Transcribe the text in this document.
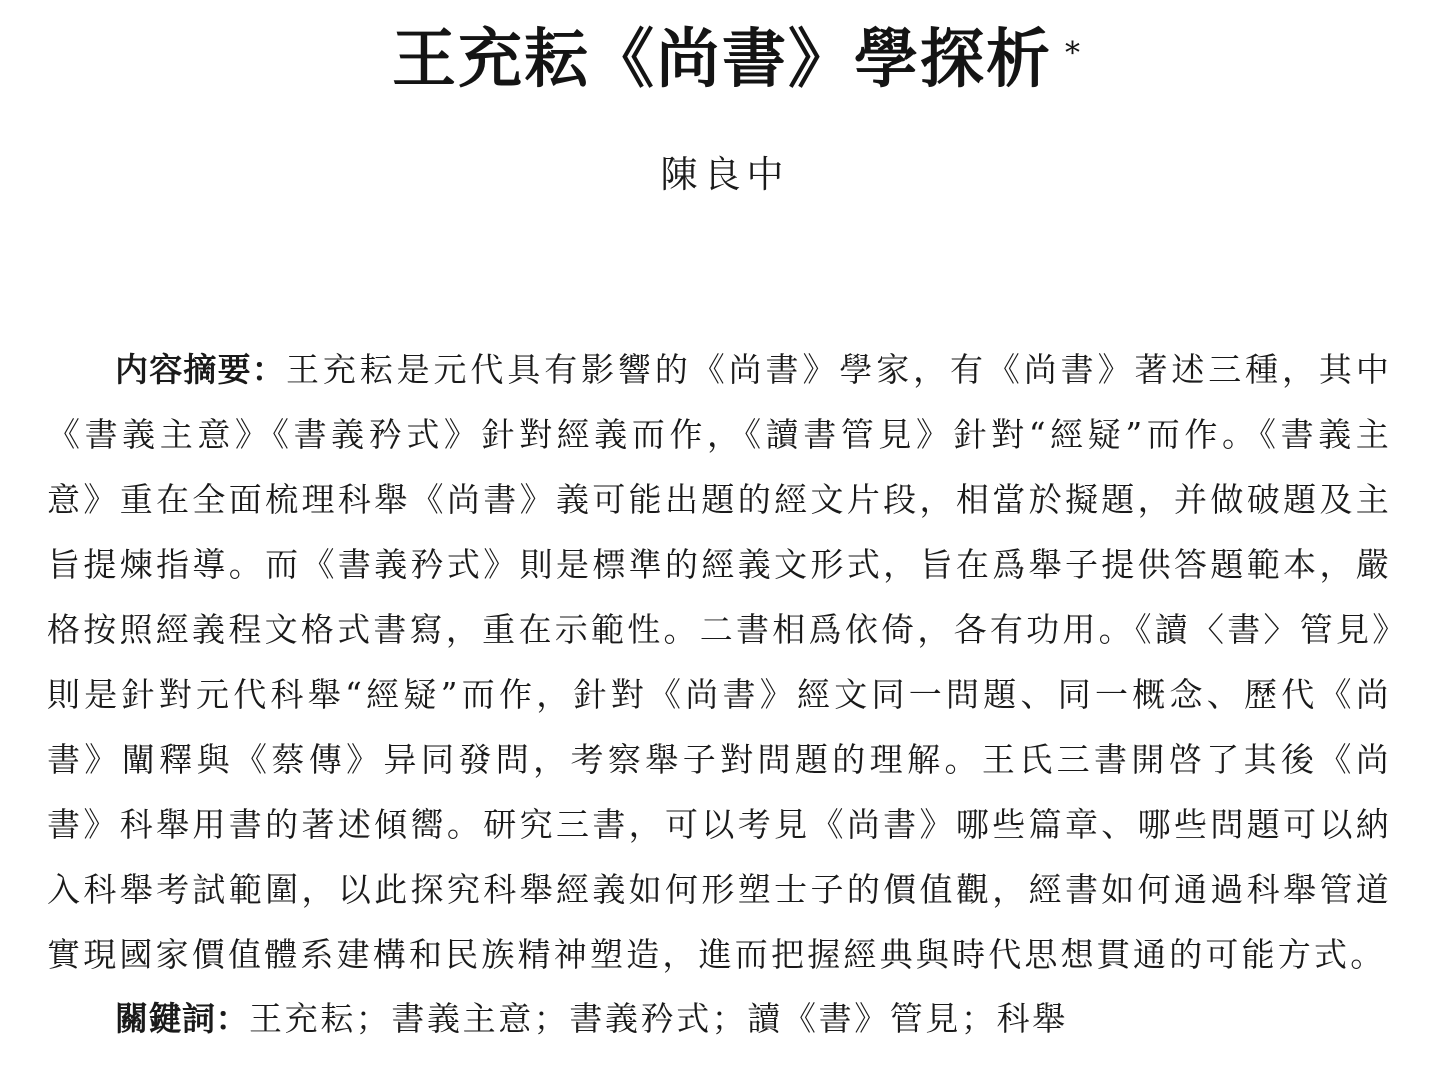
王充耘《尚書》學探析 *
陳良中

内容摘要：王充耘是元代具有影響的《尚書》學家，有《尚書》著述三種，其中《書義主意》《書義矜式》針對經義而作，《讀書管見》針對“經疑”而作。《書義主意》重在全面梳理科舉《尚書》義可能出題的經文片段，相當於擬題，并做破題及主旨提煉指導。而《書義矜式》則是標準的經義文形式，旨在爲舉子提供答題範本，嚴格按照經義程文格式書寫，重在示範性。二書相爲依倚，各有功用。《讀〈書〉管見》則是針對元代科舉“經疑”而作，針對《尚書》經文同一問題、同一概念、歷代《尚書》闡釋與《蔡傳》异同發問，考察舉子對問題的理解。王氏三書開啓了其後《尚書》科舉用書的著述傾嚮。研究三書，可以考見《尚書》哪些篇章、哪些問題可以納入科舉考試範圍，以此探究科舉經義如何形塑士子的價值觀，經書如何通過科舉管道實現國家價值體系建構和民族精神塑造，進而把握經典與時代思想貫通的可能方式。

關鍵詞：王充耘；書義主意；書義矜式；讀《書》管見；科舉
